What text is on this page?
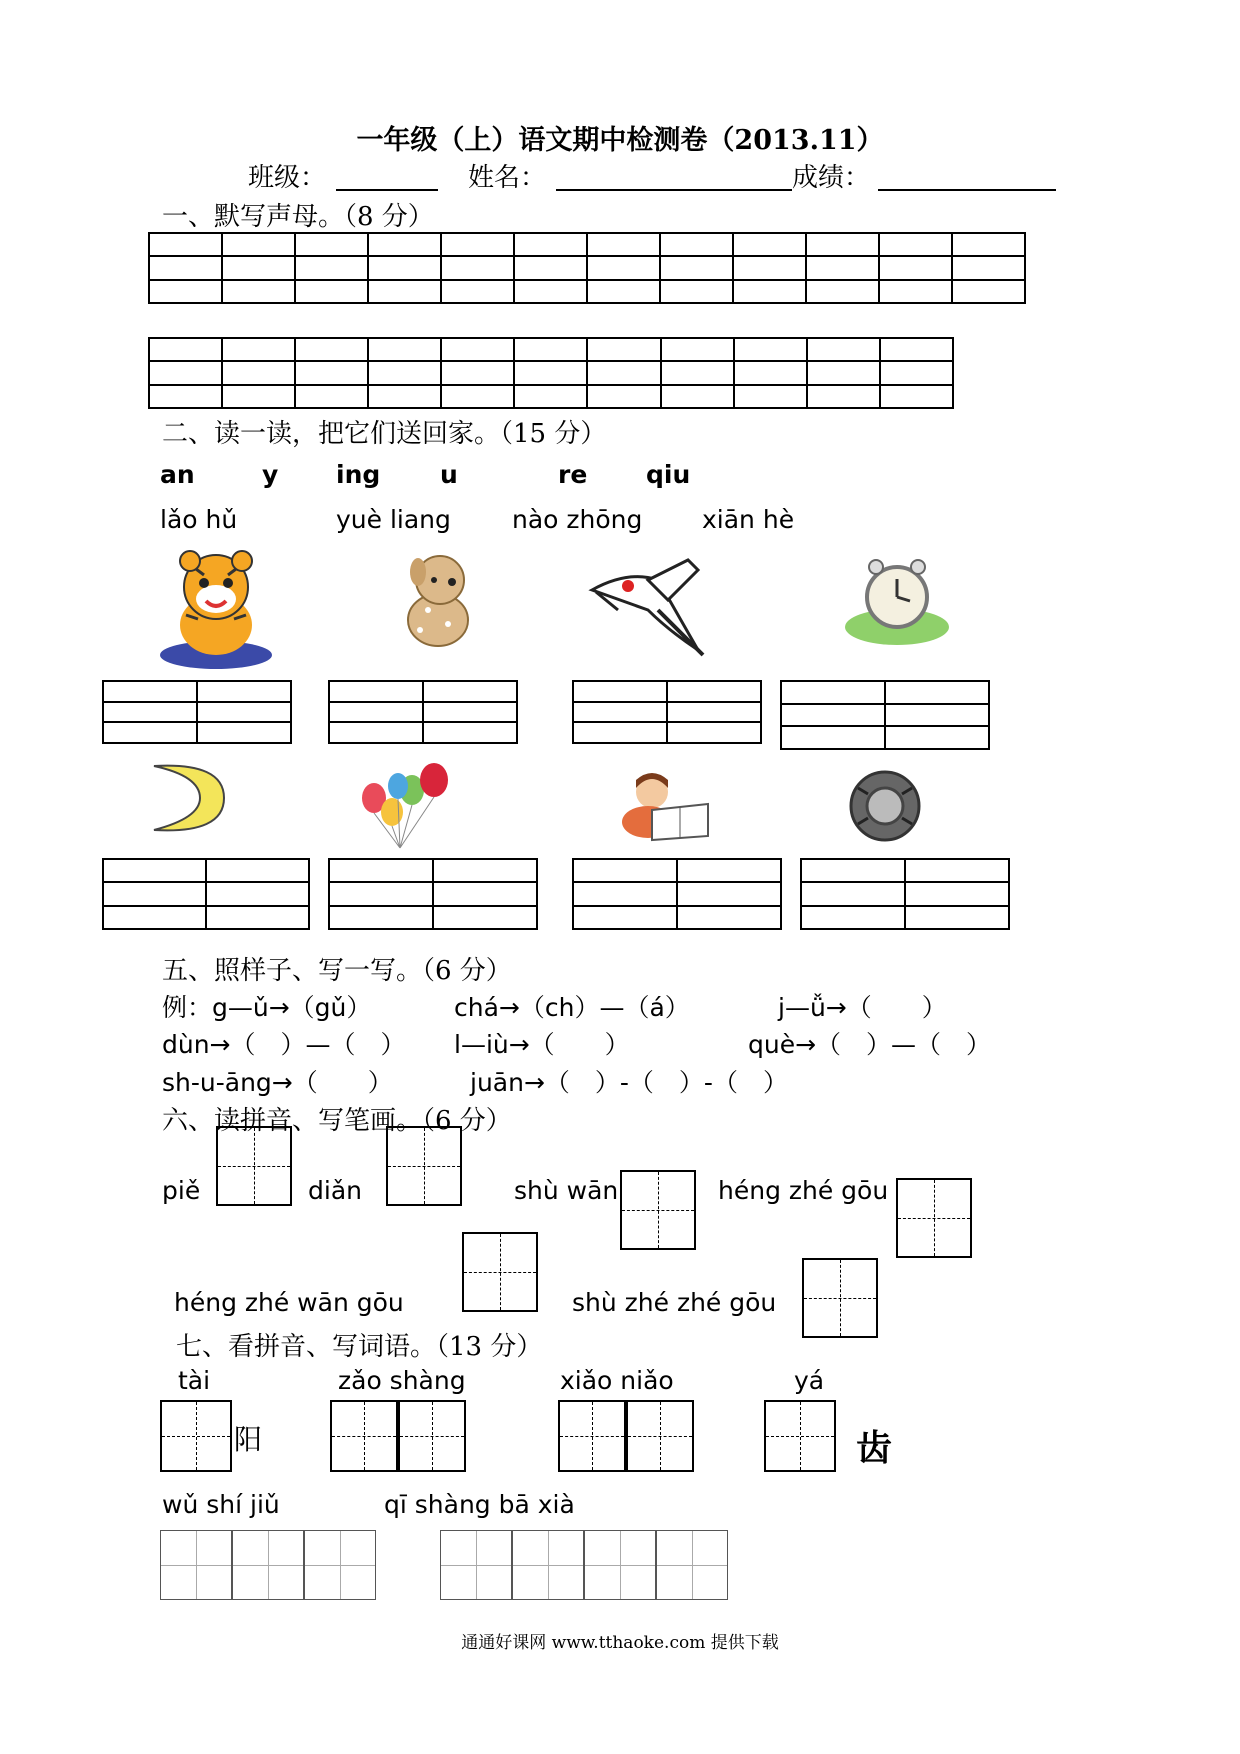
一年级（上）语文期中检测卷（2013.11）
班级：	姓名：	成绩：
一、默写声母。（8 分）

二、读一读，把它们送回家。（15 分）
an	y ing u	re qiu
lǎo hǔ	yuè liang nào zhōng xiān hè

五、照样子、写一写。（6 分）
例：g—ǔ→（gǔ）	chá→（ch）—（á）	j—ǚ→（　　）
dùn→（　）—（　） l—iù→（　　）	què→（　）—（　）
sh-u-āng→（　　）	juān→（　）-（　）-（　）
六、读拼音、写笔画。（6 分）
piě	diǎn	shù wān	héng zhé gōu
héng zhé wān gōu	shù zhé zhé gōu
七、看拼音、写词语。（13 分）
tài
阳
zǎo shàng	xiǎo niǎo	yá
齿
wǔ shí jiǔ	qī shàng bā xià
通通好课网 www.tthaoke.com 提供下载
